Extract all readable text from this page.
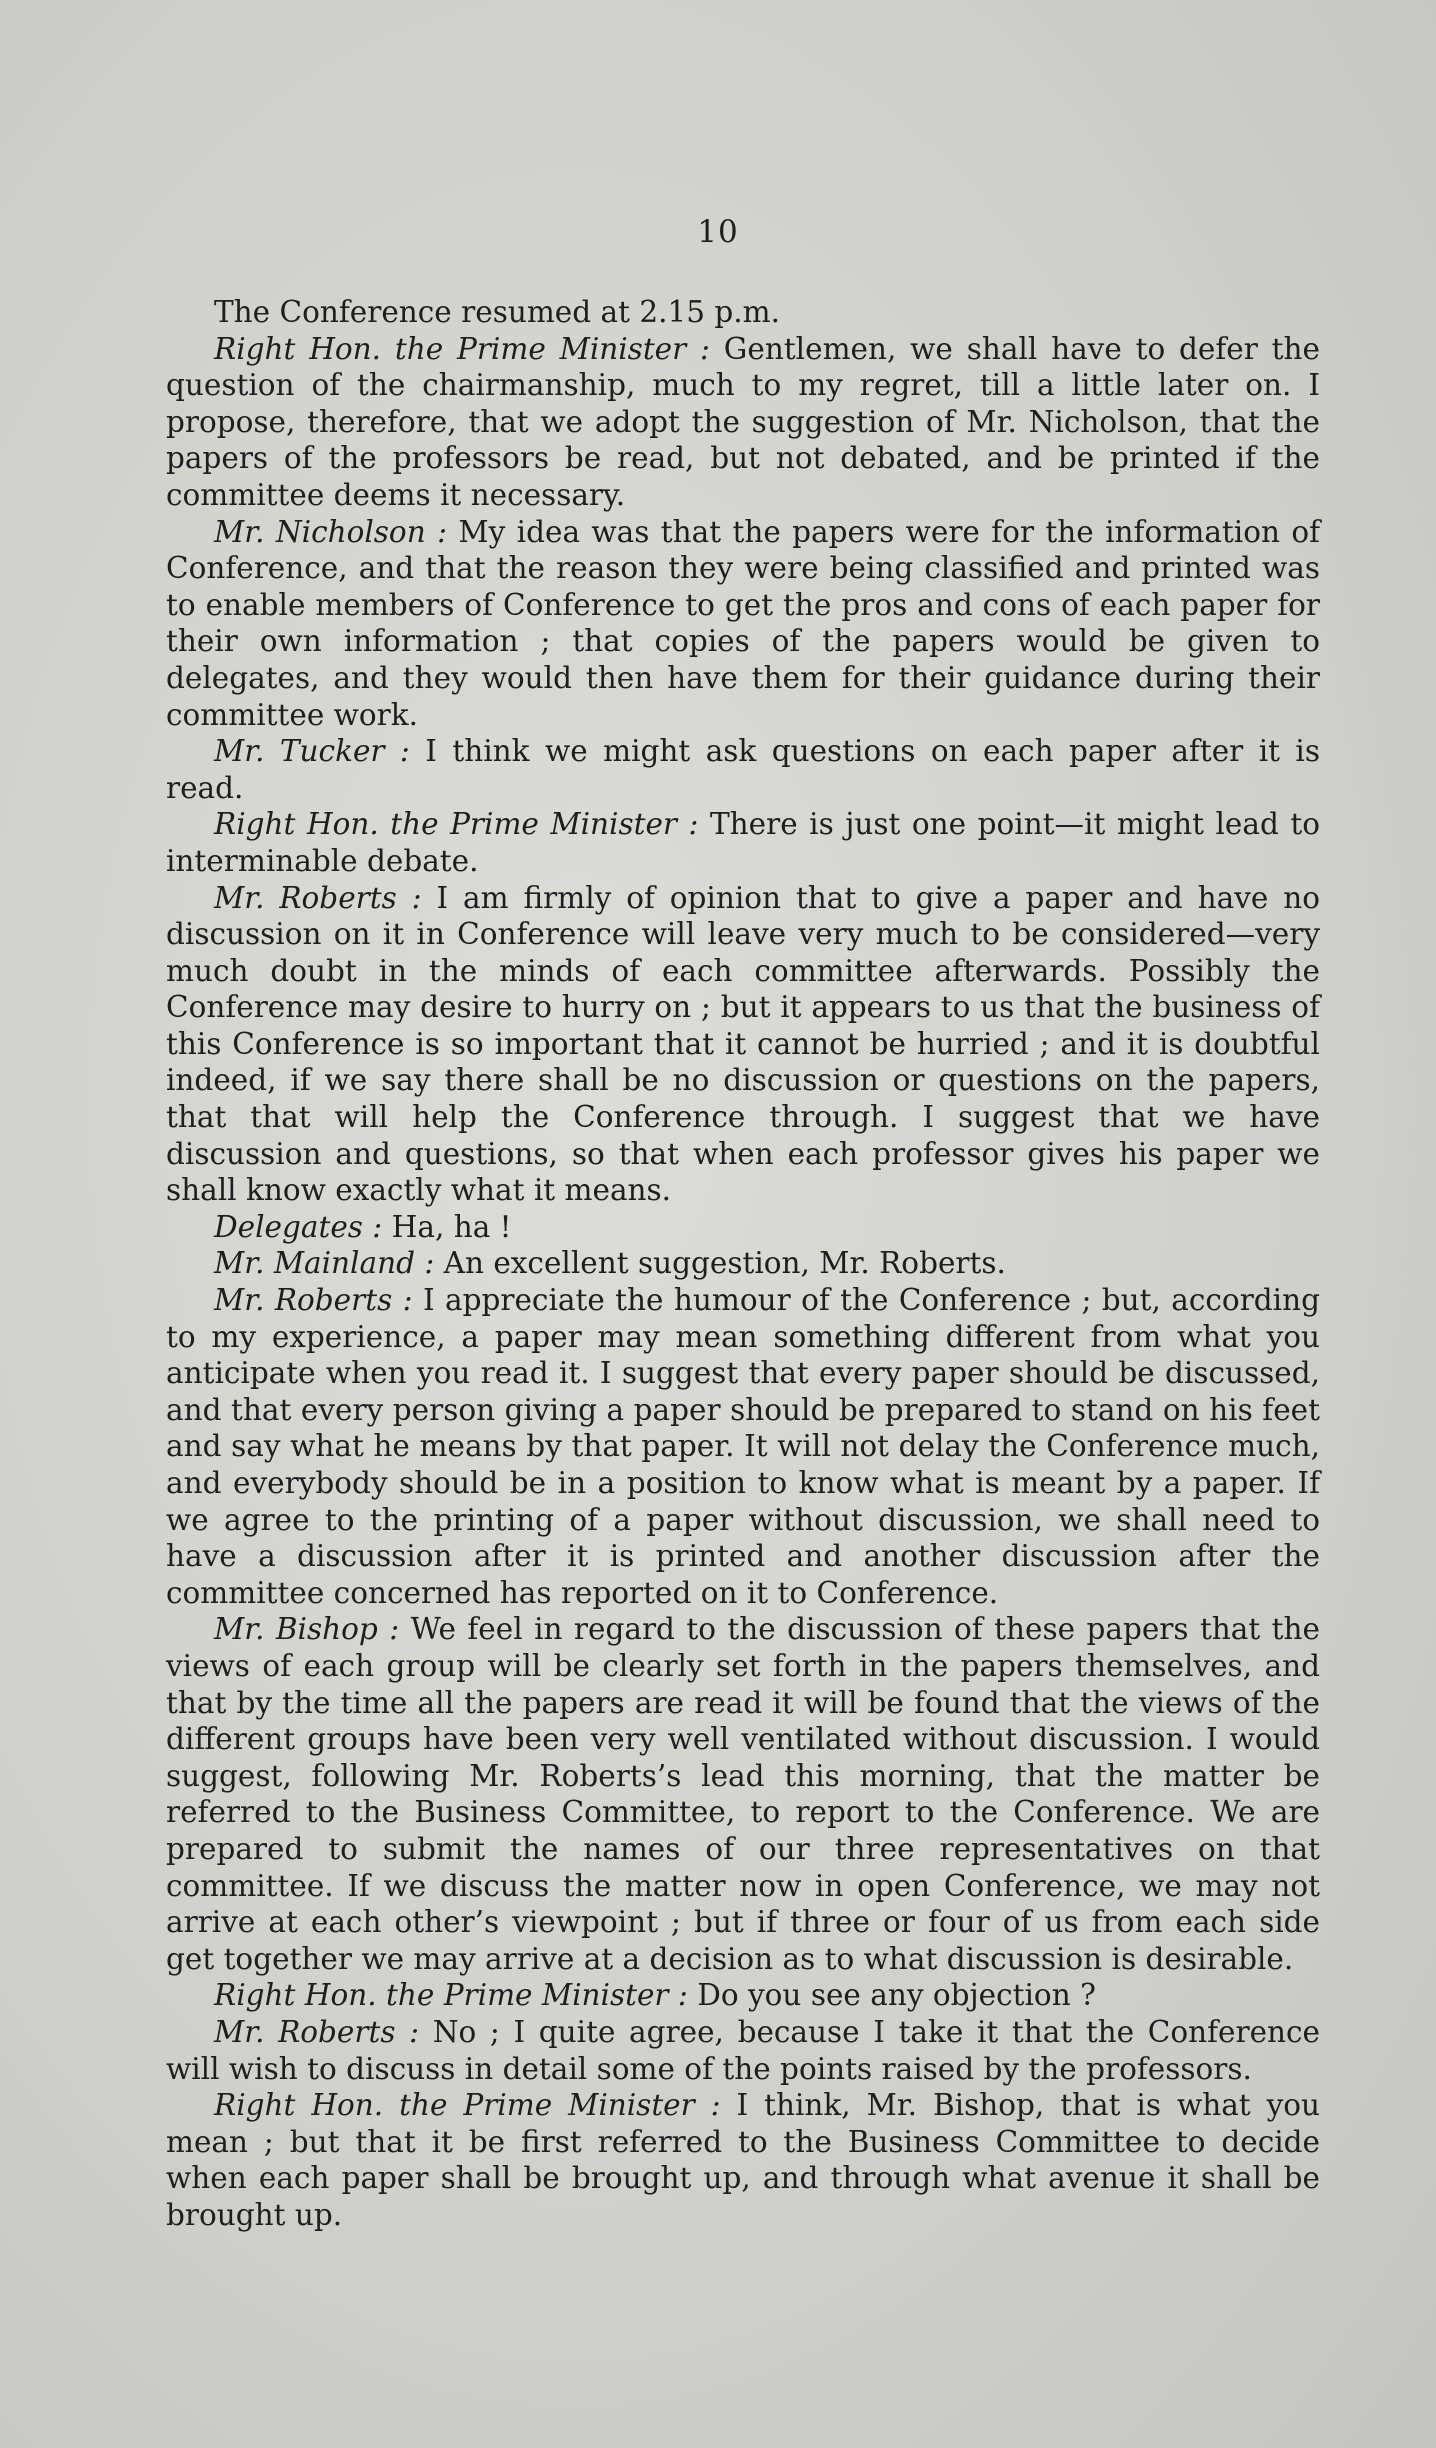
10

The Conference resumed at 2.15 p.m.

Right Hon. the Prime Minister : Gentlemen, we shall have to defer the question of the chairmanship, much to my regret, till a little later on. I propose, therefore, that we adopt the suggestion of Mr. Nicholson, that the papers of the professors be read, but not debated, and be printed if the committee deems it necessary.

Mr. Nicholson : My idea was that the papers were for the information of Conference, and that the reason they were being classified and printed was to enable members of Conference to get the pros and cons of each paper for their own information ; that copies of the papers would be given to delegates, and they would then have them for their guidance during their committee work.

Mr. Tucker : I think we might ask questions on each paper after it is read.

Right Hon. the Prime Minister : There is just one point—it might lead to interminable debate.

Mr. Roberts : I am firmly of opinion that to give a paper and have no discussion on it in Conference will leave very much to be considered—very much doubt in the minds of each committee afterwards. Possibly the Conference may desire to hurry on ; but it appears to us that the business of this Conference is so important that it cannot be hurried ; and it is doubtful indeed, if we say there shall be no discussion or questions on the papers, that that will help the Conference through. I suggest that we have discussion and questions, so that when each professor gives his paper we shall know exactly what it means.

Delegates : Ha, ha !

Mr. Mainland : An excellent suggestion, Mr. Roberts.

Mr. Roberts : I appreciate the humour of the Conference ; but, according to my experience, a paper may mean something different from what you anticipate when you read it. I suggest that every paper should be discussed, and that every person giving a paper should be prepared to stand on his feet and say what he means by that paper. It will not delay the Conference much, and everybody should be in a position to know what is meant by a paper. If we agree to the printing of a paper without discussion, we shall need to have a discussion after it is printed and another discussion after the committee concerned has reported on it to Conference.

Mr. Bishop : We feel in regard to the discussion of these papers that the views of each group will be clearly set forth in the papers themselves, and that by the time all the papers are read it will be found that the views of the different groups have been very well ventilated without discussion. I would suggest, following Mr. Roberts’s lead this morning, that the matter be referred to the Business Committee, to report to the Conference. We are prepared to submit the names of our three representatives on that committee. If we discuss the matter now in open Conference, we may not arrive at each other’s viewpoint ; but if three or four of us from each side get together we may arrive at a decision as to what discussion is desirable.

Right Hon. the Prime Minister : Do you see any objection ?

Mr. Roberts : No ; I quite agree, because I take it that the Conference will wish to discuss in detail some of the points raised by the professors.

Right Hon. the Prime Minister : I think, Mr. Bishop, that is what you mean ; but that it be first referred to the Business Committee to decide when each paper shall be brought up, and through what avenue it shall be brought up.
